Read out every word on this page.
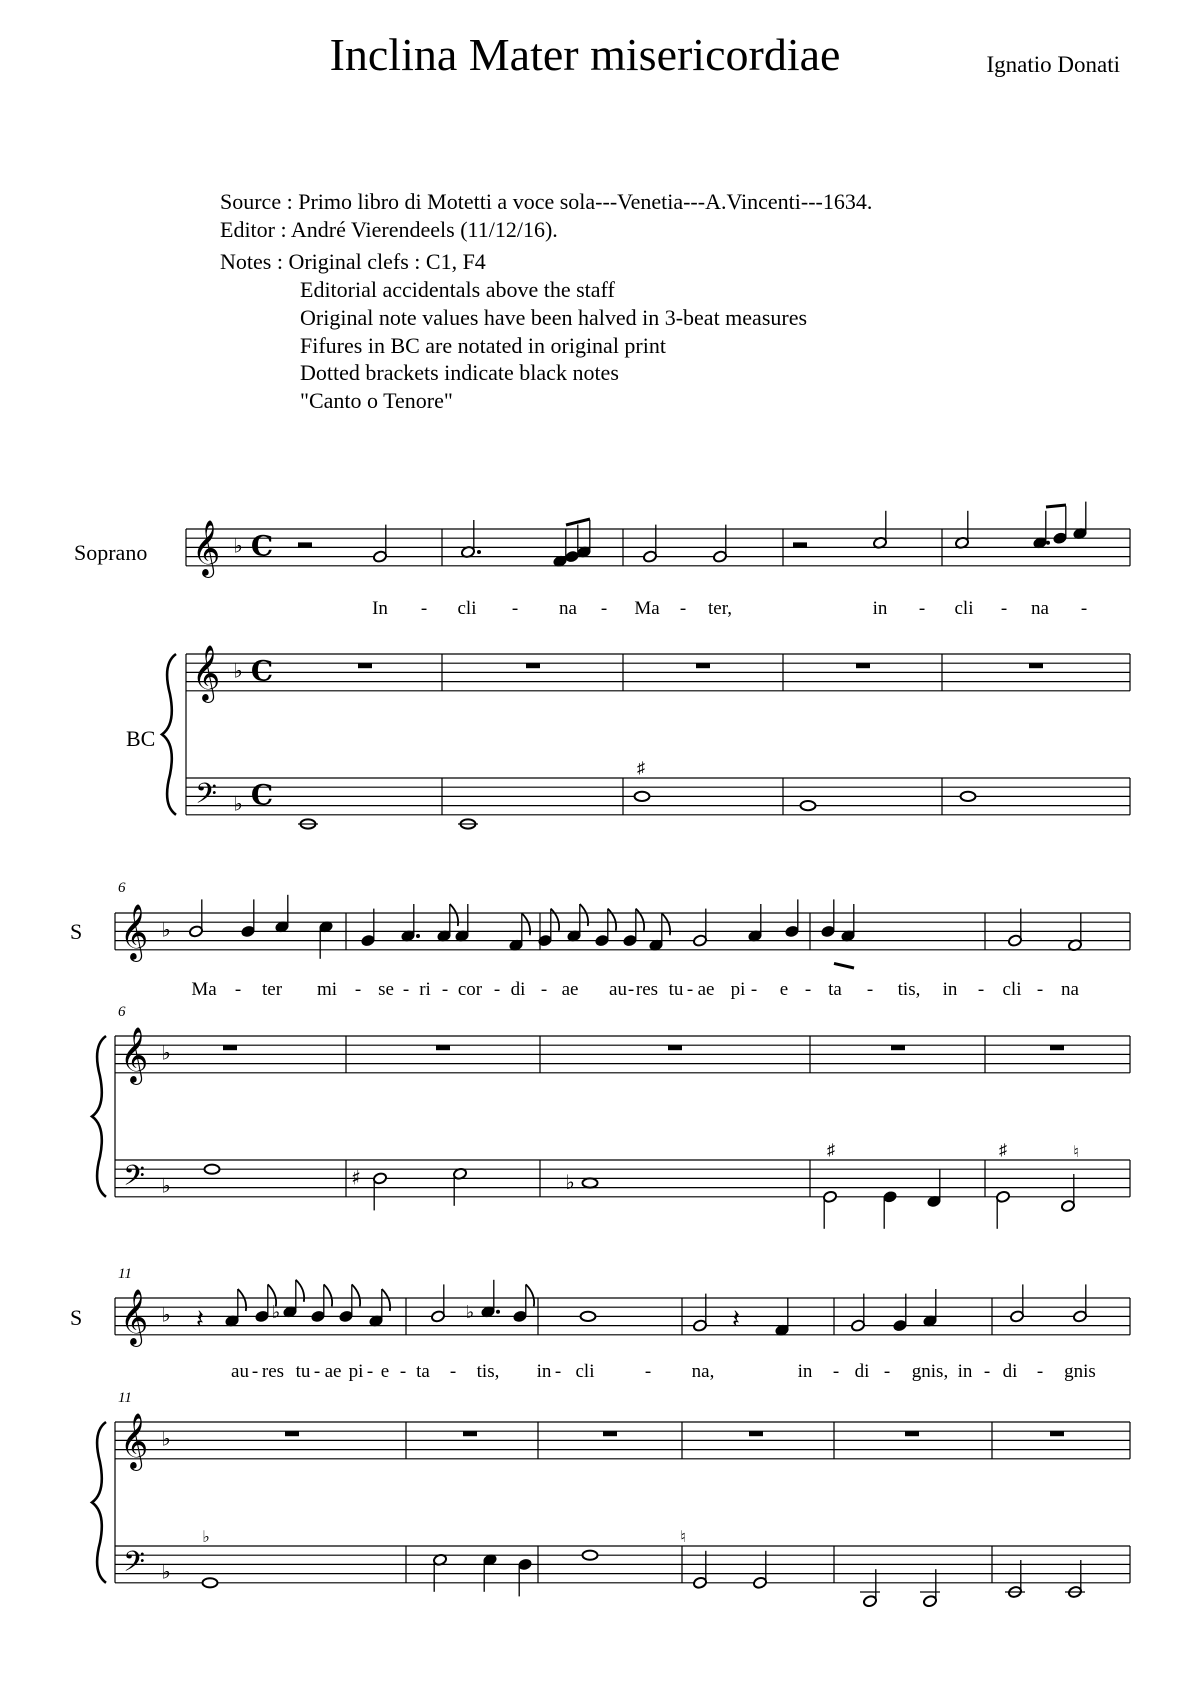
Inclina Mater misericordiae	Ignatio Donati
Source : Primo libro di Motetti a voce sola---Venetia---A.Vincenti---1634.
Editor : André Vierendeels (11/12/16).
Notes : Original clefs : C1, F4
Editorial accidentals above the staff
Original note values have been halved in 3-beat measures
Fifures in BC are notated in original print
Dotted brackets indicate black notes
"Canto o Tenore"
Soprano
BC
S
S
6
6
11
11
In - cli - na - Ma - ter,	in - cli - na -
Ma - ter mi - se - ri - cor - di - ae au - res tu - ae pi - e - ta - tis, in - cli - na
au - res tu - ae pi - e - ta - tis, in - cli	- na,	in - di - gnis, in - di - gnis
♯
♯	♯	♮
♭	♮
𝄞 ♭ C
𝄞 ♭ C
𝄢 ♭ C
𝄞 ♭
𝄞 ♭
𝄢 ♭	♯	♭
𝄞 ♭
𝄞 ♭
𝄢 ♭
𝄽	♭	♭	𝄽
